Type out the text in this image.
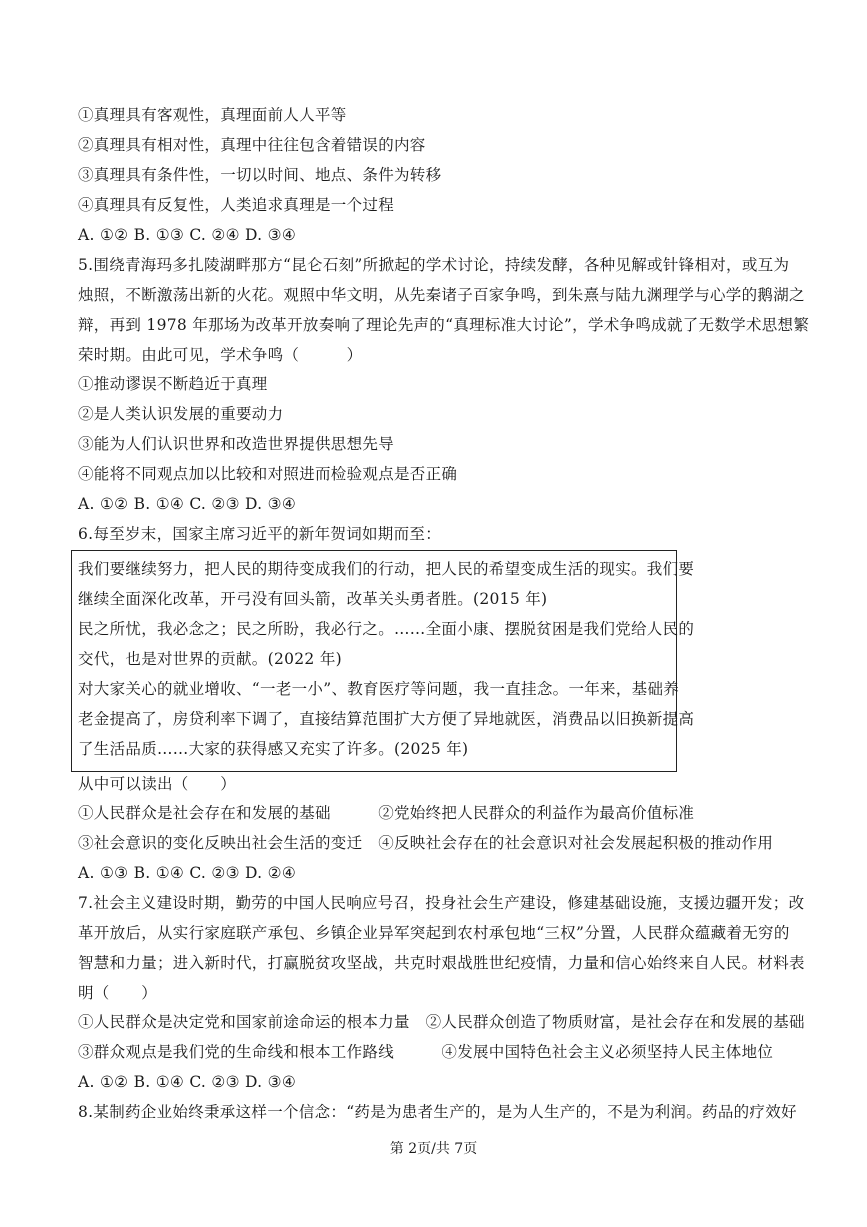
①真理具有客观性，真理面前人人平等
②真理具有相对性，真理中往往包含着错误的内容
③真理具有条件性，一切以时间、地点、条件为转移
④真理具有反复性，人类追求真理是一个过程
A. ①② B. ①③ C. ②④ D. ③④
5.围绕青海玛多扎陵湖畔那方“昆仑石刻”所掀起的学术讨论，持续发酵，各种见解或针锋相对，或互为
烛照，不断激荡出新的火花。观照中华文明，从先秦诸子百家争鸣，到朱熹与陆九渊理学与心学的鹅湖之
辩，再到 1978 年那场为改革开放奏响了理论先声的“真理标准大讨论”，学术争鸣成就了无数学术思想繁
荣时期。由此可见，学术争鸣（　　　）
①推动谬误不断趋近于真理
②是人类认识发展的重要动力
③能为人们认识世界和改造世界提供思想先导
④能将不同观点加以比较和对照进而检验观点是否正确
A. ①② B. ①④ C. ②③ D. ③④
6.每至岁末，国家主席习近平的新年贺词如期而至：
我们要继续努力，把人民的期待变成我们的行动，把人民的希望变成生活的现实。我们要
继续全面深化改革，开弓没有回头箭，改革关头勇者胜。(2015 年)
民之所忧，我必念之；民之所盼，我必行之。……全面小康、摆脱贫困是我们党给人民的
交代，也是对世界的贡献。(2022 年)
对大家关心的就业增收、“一老一小”、教育医疗等问题，我一直挂念。一年来，基础养
老金提高了，房贷利率下调了，直接结算范围扩大方便了异地就医，消费品以旧换新提高
了生活品质……大家的获得感又充实了许多。(2025 年)
从中可以读出（　　）
①人民群众是社会存在和发展的基础　　　②党始终把人民群众的利益作为最高价值标准
③社会意识的变化反映出社会生活的变迁　④反映社会存在的社会意识对社会发展起积极的推动作用
A. ①③ B. ①④ C. ②③ D. ②④
7.社会主义建设时期，勤劳的中国人民响应号召，投身社会生产建设，修建基础设施，支援边疆开发；改
革开放后，从实行家庭联产承包、乡镇企业异军突起到农村承包地“三权”分置，人民群众蕴藏着无穷的
智慧和力量；进入新时代，打赢脱贫攻坚战，共克时艰战胜世纪疫情，力量和信心始终来自人民。材料表
明（　　）
①人民群众是决定党和国家前途命运的根本力量　②人民群众创造了物质财富，是社会存在和发展的基础
③群众观点是我们党的生命线和根本工作路线　　　④发展中国特色社会主义必须坚持人民主体地位
A. ①② B. ①④ C. ②③ D. ③④
8.某制药企业始终秉承这样一个信念：“药是为患者生产的，是为人生产的，不是为利润。药品的疗效好
第 2页/共 7页
